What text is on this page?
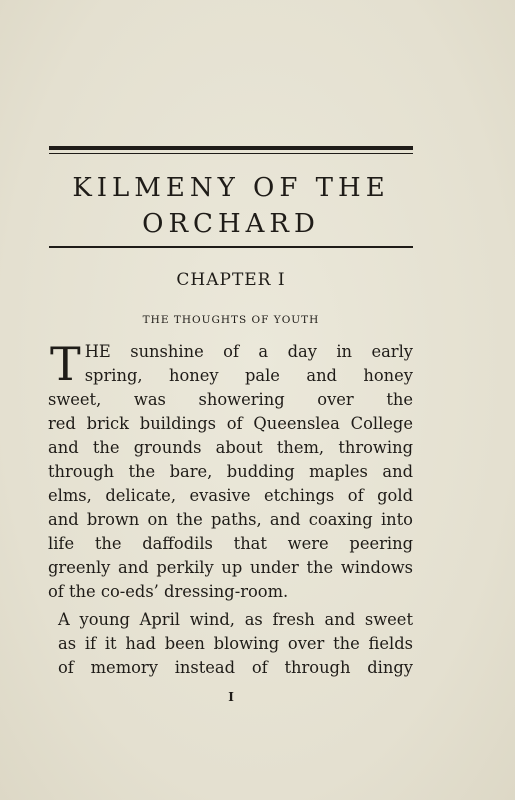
KILMENY OF THE
ORCHARD
CHAPTER I
THE THOUGHTS OF YOUTH
T HE sunshine of a day in early
spring, honey pale and honey
sweet, was showering over the
red brick buildings of Queenslea College
and the grounds about them, throwing
through the bare, budding maples and
elms, delicate, evasive etchings of gold
and brown on the paths, and coaxing into
life the daffodils that were peering
greenly and perkily up under the windows
of the co-eds’ dressing-room.
A young April wind, as fresh and sweet
as if it had been blowing over the fields
of memory instead of through dingy
I
